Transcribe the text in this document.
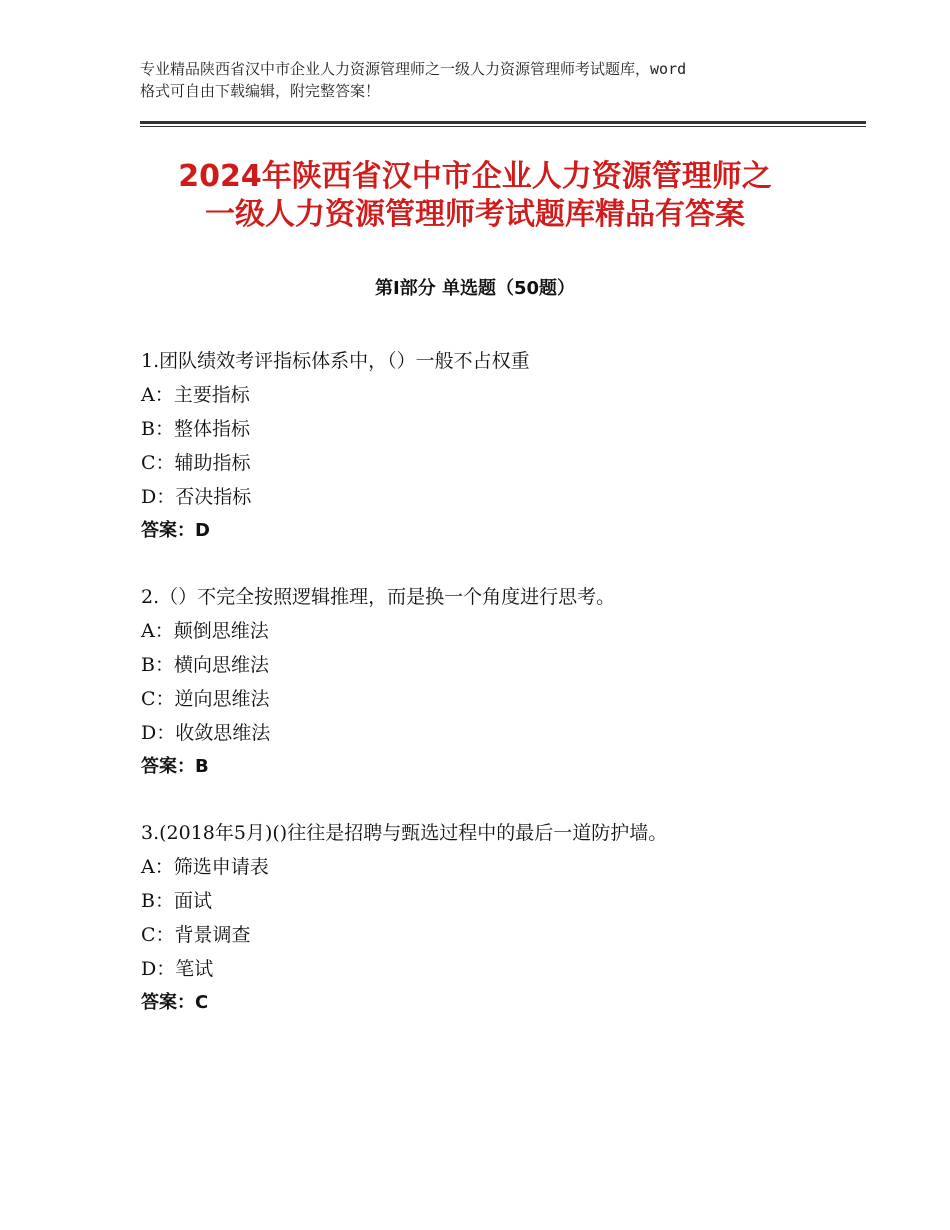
专业精品陕西省汉中市企业人力资源管理师之一级人力资源管理师考试题库，word
格式可自由下载编辑，附完整答案！
2024年陕西省汉中市企业人力资源管理师之
一级人力资源管理师考试题库精品有答案
第Ⅰ部分 单选题（50题）
1.团队绩效考评指标体系中，（）一般不占权重
A：主要指标
B：整体指标
C：辅助指标
D：否决指标
答案：D
2.（）不完全按照逻辑推理，而是换一个角度进行思考。
A：颠倒思维法
B：横向思维法
C：逆向思维法
D：收敛思维法
答案：B
3.(2018年5月)()往往是招聘与甄选过程中的最后一道防护墙。
A：筛选申请表
B：面试
C：背景调查
D：笔试
答案：C
